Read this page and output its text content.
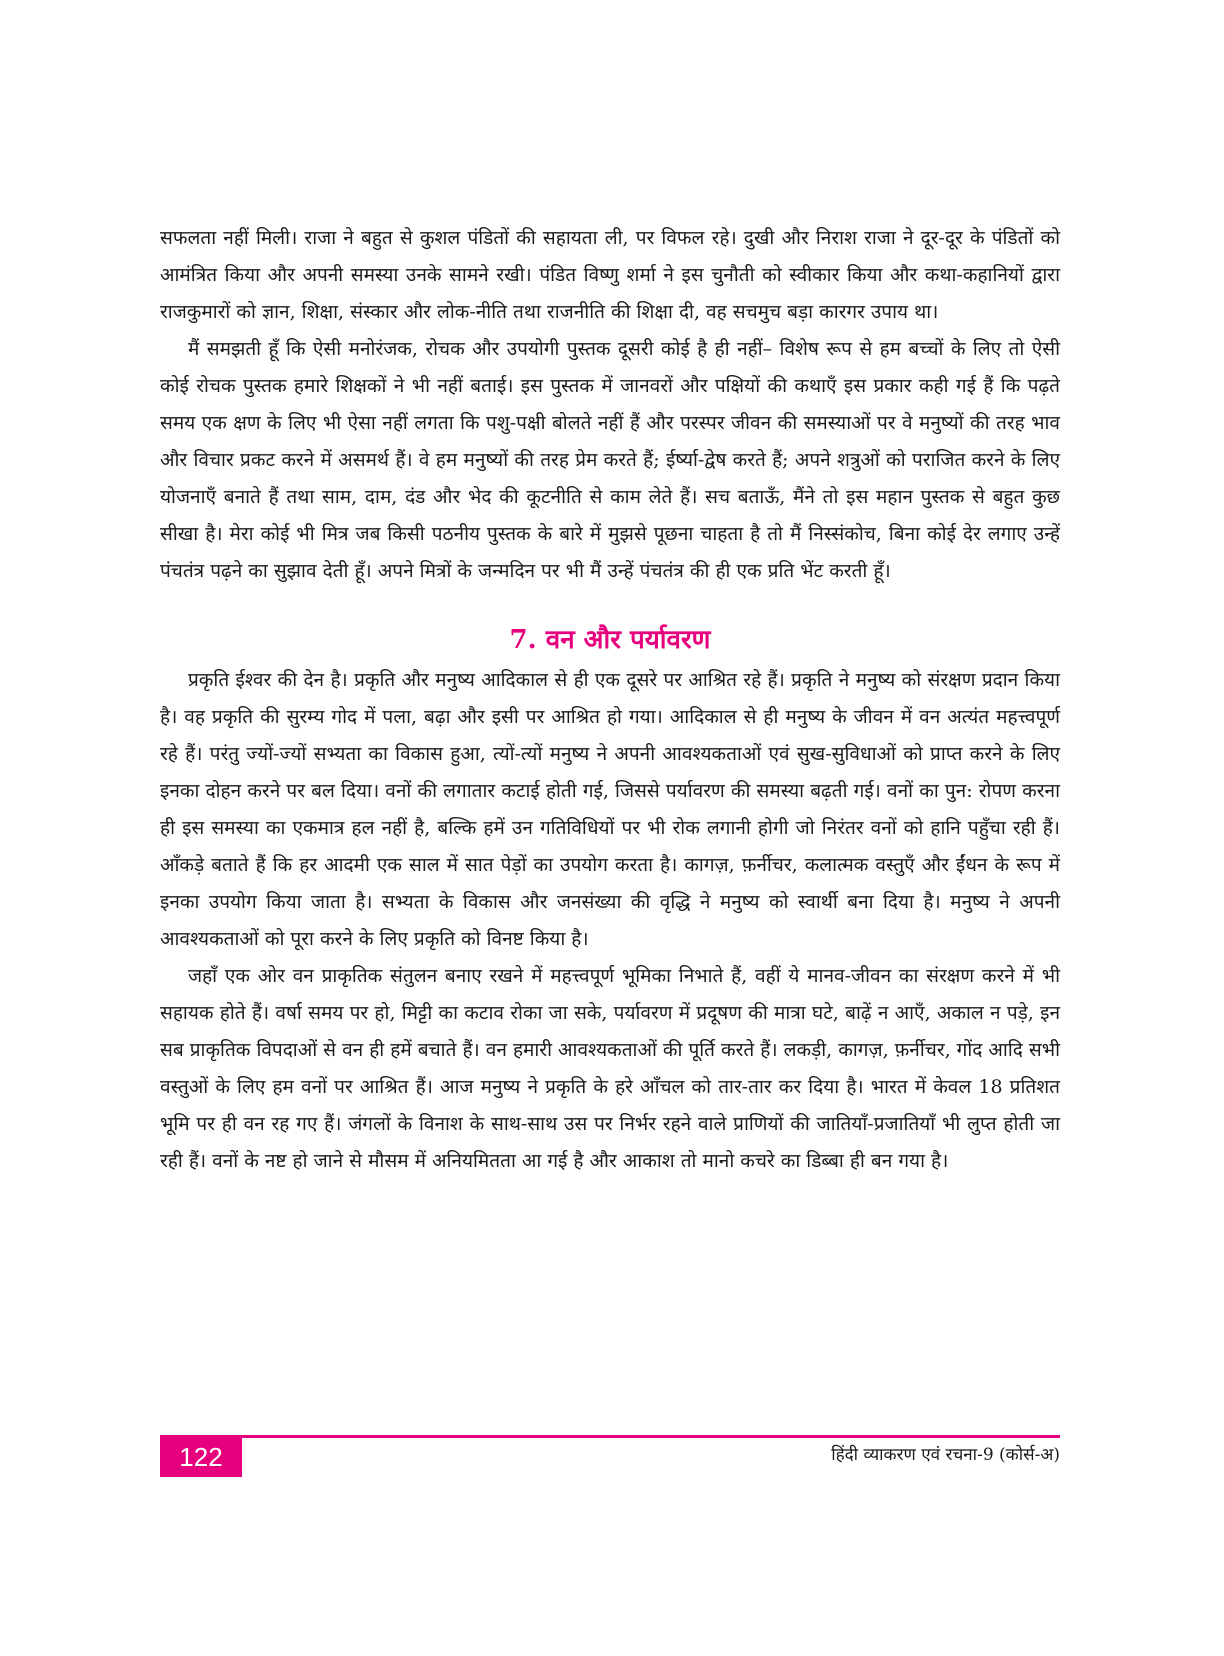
सफलता नहीं मिली। राजा ने बहुत से कुशल पंडितों की सहायता ली, पर विफल रहे। दुखी और निराश राजा ने दूर-दूर के पंडितों को आमंत्रित किया और अपनी समस्या उनके सामने रखी। पंडित विष्णु शर्मा ने इस चुनौती को स्वीकार किया और कथा-कहानियों द्वारा राजकुमारों को ज्ञान, शिक्षा, संस्कार और लोक-नीति तथा राजनीति की शिक्षा दी, वह सचमुच बड़ा कारगर उपाय था।

मैं समझती हूँ कि ऐसी मनोरंजक, रोचक और उपयोगी पुस्तक दूसरी कोई है ही नहीं– विशेष रूप से हम बच्चों के लिए तो ऐसी कोई रोचक पुस्तक हमारे शिक्षकों ने भी नहीं बताई। इस पुस्तक में जानवरों और पक्षियों की कथाएँ इस प्रकार कही गई हैं कि पढ़ते समय एक क्षण के लिए भी ऐसा नहीं लगता कि पशु-पक्षी बोलते नहीं हैं और परस्पर जीवन की समस्याओं पर वे मनुष्यों की तरह भाव और विचार प्रकट करने में असमर्थ हैं। वे हम मनुष्यों की तरह प्रेम करते हैं; ईर्ष्या-द्वेष करते हैं; अपने शत्रुओं को पराजित करने के लिए योजनाएँ बनाते हैं तथा साम, दाम, दंड और भेद की कूटनीति से काम लेते हैं। सच बताऊँ, मैंने तो इस महान पुस्तक से बहुत कुछ सीखा है। मेरा कोई भी मित्र जब किसी पठनीय पुस्तक के बारे में मुझसे पूछना चाहता है तो मैं निस्संकोच, बिना कोई देर लगाए उन्हें पंचतंत्र पढ़ने का सुझाव देती हूँ। अपने मित्रों के जन्मदिन पर भी मैं उन्हें पंचतंत्र की ही एक प्रति भेंट करती हूँ।

7. वन और पर्यावरण

प्रकृति ईश्वर की देन है। प्रकृति और मनुष्य आदिकाल से ही एक दूसरे पर आश्रित रहे हैं। प्रकृति ने मनुष्य को संरक्षण प्रदान किया है। वह प्रकृति की सुरम्य गोद में पला, बढ़ा और इसी पर आश्रित हो गया। आदिकाल से ही मनुष्य के जीवन में वन अत्यंत महत्त्वपूर्ण रहे हैं। परंतु ज्यों-ज्यों सभ्यता का विकास हुआ, त्यों-त्यों मनुष्य ने अपनी आवश्यकताओं एवं सुख-सुविधाओं को प्राप्त करने के लिए इनका दोहन करने पर बल दिया। वनों की लगातार कटाई होती गई, जिससे पर्यावरण की समस्या बढ़ती गई। वनों का पुन: रोपण करना ही इस समस्या का एकमात्र हल नहीं है, बल्कि हमें उन गतिविधियों पर भी रोक लगानी होगी जो निरंतर वनों को हानि पहुँचा रही हैं। आँकड़े बताते हैं कि हर आदमी एक साल में सात पेड़ों का उपयोग करता है। कागज़, फ़र्नीचर, कलात्मक वस्तुएँ और ईंधन के रूप में इनका उपयोग किया जाता है। सभ्यता के विकास और जनसंख्या की वृद्धि ने मनुष्य को स्वार्थी बना दिया है। मनुष्य ने अपनी आवश्यकताओं को पूरा करने के लिए प्रकृति को विनष्ट किया है।

जहाँ एक ओर वन प्राकृतिक संतुलन बनाए रखने में महत्त्वपूर्ण भूमिका निभाते हैं, वहीं ये मानव-जीवन का संरक्षण करने में भी सहायक होते हैं। वर्षा समय पर हो, मिट्टी का कटाव रोका जा सके, पर्यावरण में प्रदूषण की मात्रा घटे, बाढ़ें न आएँ, अकाल न पड़े, इन सब प्राकृतिक विपदाओं से वन ही हमें बचाते हैं। वन हमारी आवश्यकताओं की पूर्ति करते हैं। लकड़ी, कागज़, फ़र्नीचर, गोंद आदि सभी वस्तुओं के लिए हम वनों पर आश्रित हैं। आज मनुष्य ने प्रकृति के हरे आँचल को तार-तार कर दिया है। भारत में केवल 18 प्रतिशत भूमि पर ही वन रह गए हैं। जंगलों के विनाश के साथ-साथ उस पर निर्भर रहने वाले प्राणियों की जातियाँ-प्रजातियाँ भी लुप्त होती जा रही हैं। वनों के नष्ट हो जाने से मौसम में अनियमितता आ गई है और आकाश तो मानो कचरे का डिब्बा ही बन गया है।

122	हिंदी व्याकरण एवं रचना-9 (कोर्स-अ)
